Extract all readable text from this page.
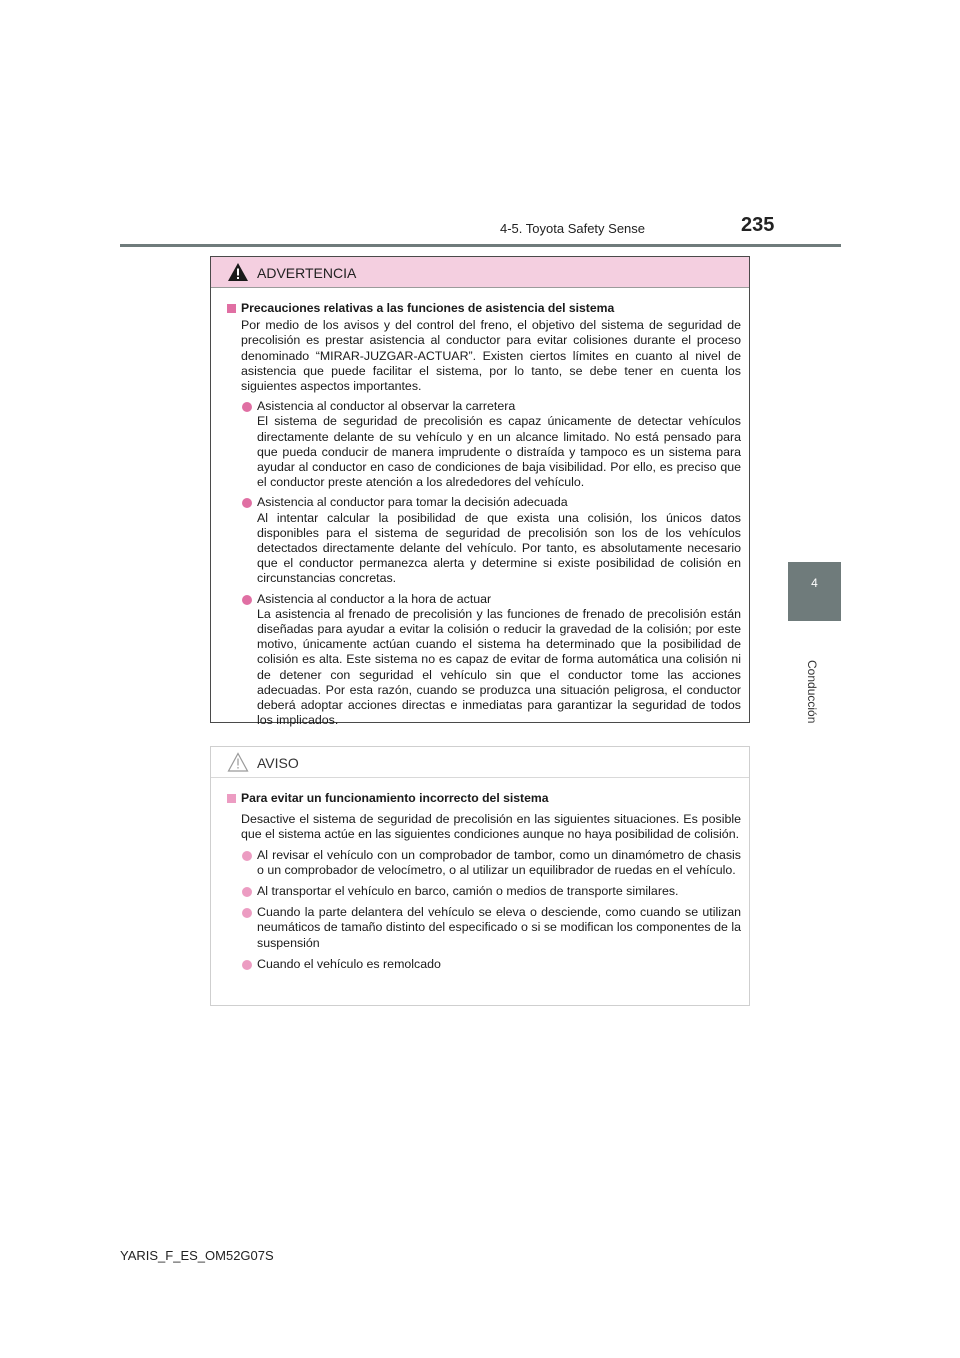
4-5. Toyota Safety Sense	235
4
Conducción
ADVERTENCIA

Precauciones relativas a las funciones de asistencia del sistema

Por medio de los avisos y del control del freno, el objetivo del sistema de seguridad de precolisión es prestar asistencia al conductor para evitar colisiones durante el proceso denominado “MIRAR-JUZGAR-ACTUAR”. Existen ciertos límites en cuanto al nivel de asistencia que puede facilitar el sistema, por lo tanto, se debe tener en cuenta los siguientes aspectos importantes.

Asistencia al conductor al observar la carretera

El sistema de seguridad de precolisión es capaz únicamente de detectar vehículos directamente delante de su vehículo y en un alcance limitado. No está pensado para que pueda conducir de manera imprudente o distraída y tampoco es un sistema para ayudar al conductor en caso de condiciones de baja visibilidad. Por ello, es preciso que el conductor preste atención a los alrededores del vehículo.

Asistencia al conductor para tomar la decisión adecuada

Al intentar calcular la posibilidad de que exista una colisión, los únicos datos disponibles para el sistema de seguridad de precolisión son los de los vehículos detectados directamente delante del vehículo. Por tanto, es absolutamente necesario que el conductor permanezca alerta y determine si existe posibilidad de colisión en circunstancias concretas.

Asistencia al conductor a la hora de actuar

La asistencia al frenado de precolisión y las funciones de frenado de precolisión están diseñadas para ayudar a evitar la colisión o reducir la gravedad de la colisión; por este motivo, únicamente actúan cuando el sistema ha determinado que la posibilidad de colisión es alta. Este sistema no es capaz de evitar de forma automática una colisión ni de detener con seguridad el vehículo sin que el conductor tome las acciones adecuadas. Por esta razón, cuando se produzca una situación peligrosa, el conductor deberá adoptar acciones directas e inmediatas para garantizar la seguridad de todos los implicados.

AVISO

Para evitar un funcionamiento incorrecto del sistema

Desactive el sistema de seguridad de precolisión en las siguientes situaciones. Es posible que el sistema actúe en las siguientes condiciones aunque no haya posibilidad de colisión.

Al revisar el vehículo con un comprobador de tambor, como un dinamómetro de chasis o un comprobador de velocímetro, o al utilizar un equilibrador de ruedas en el vehículo.

Al transportar el vehículo en barco, camión o medios de transporte similares.

Cuando la parte delantera del vehículo se eleva o desciende, como cuando se utilizan neumáticos de tamaño distinto del especificado o si se modifican los componentes de la suspensión

Cuando el vehículo es remolcado

YARIS_F_ES_OM52G07S
